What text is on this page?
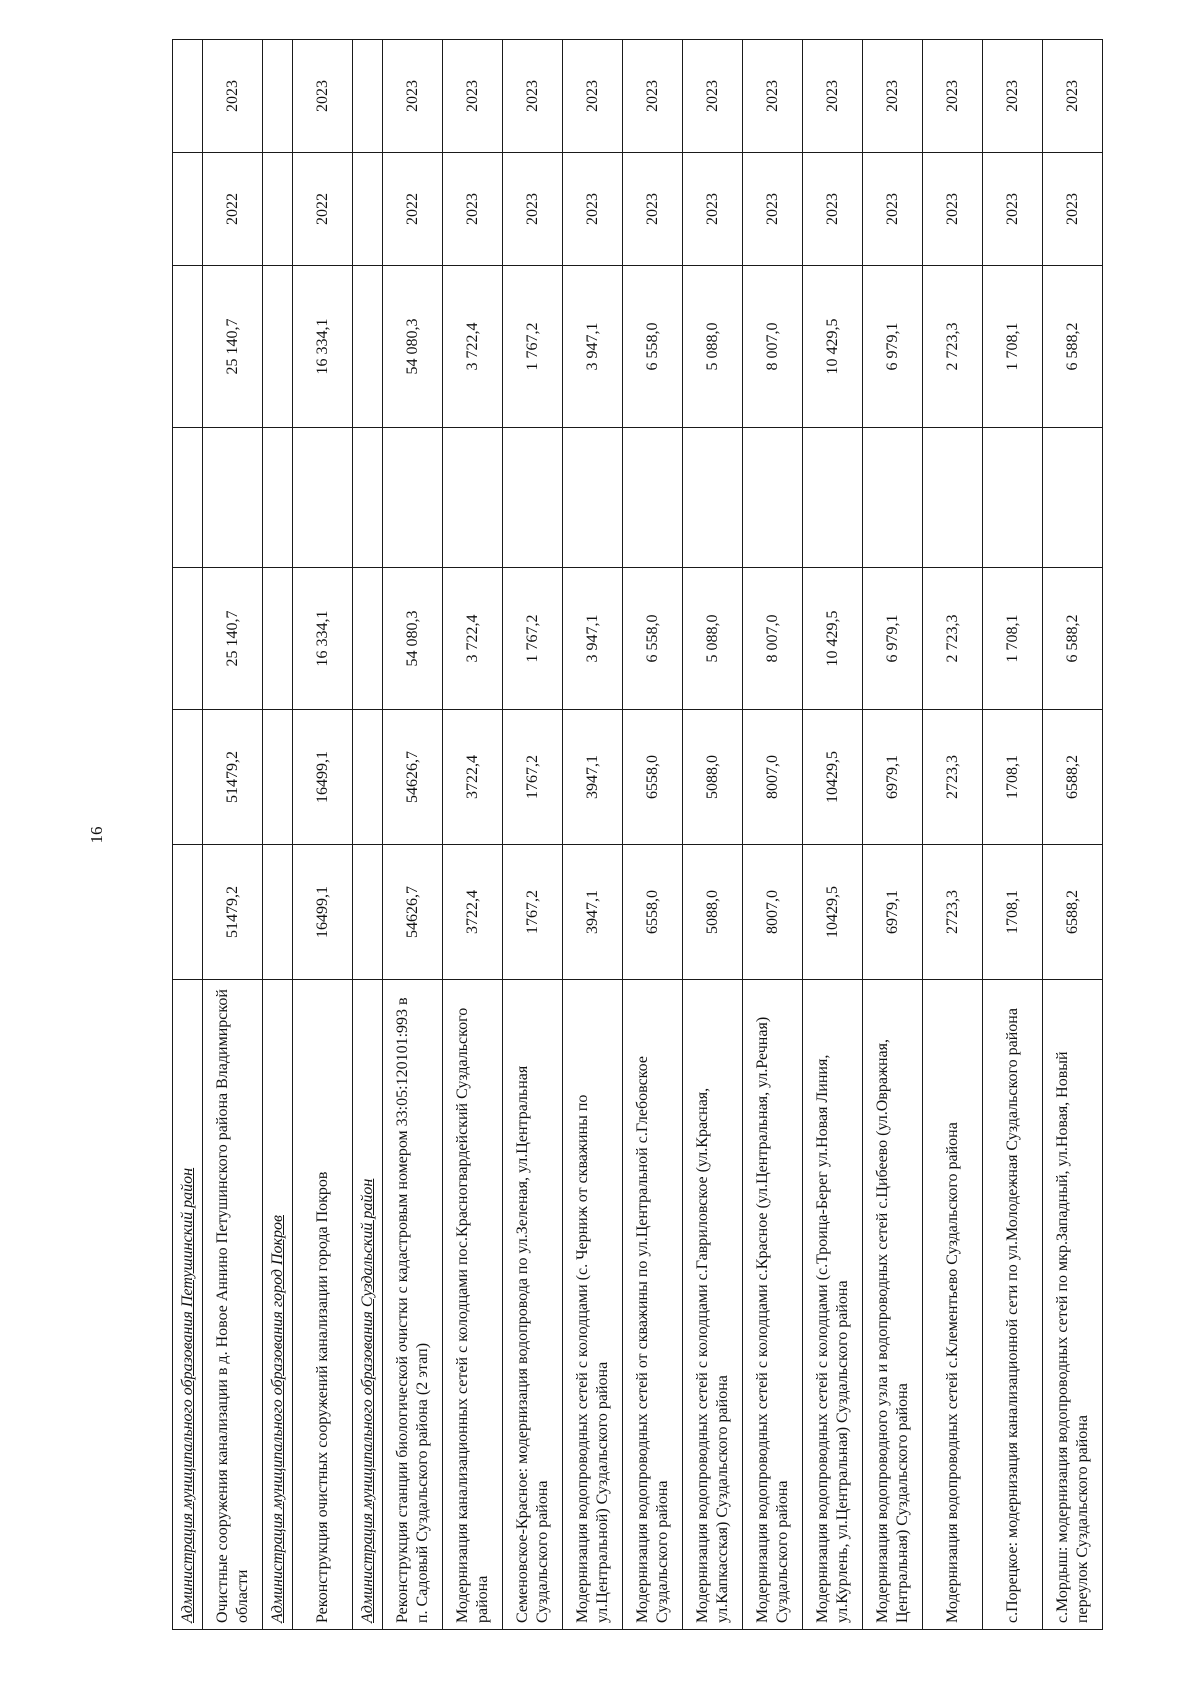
16
Администрация муниципального образования Петушинский район							
Очистные сооружения канализации в д. Новое Аннино Петушинского района Владимирской области	51479,2	51479,2	25 140,7		25 140,7	2022	2023
Администрация муниципального образования город Покров							
Реконструкция очистных сооружений канализации города Покров	16499,1	16499,1	16 334,1		16 334,1	2022	2023
Администрация муниципального образования Суздальский район							
Реконструкция станции биологической очистки с кадастровым номером 33:05:120101:993 в п. Садовый Суздальского района (2 этап)	54626,7	54626,7	54 080,3		54 080,3	2022	2023
Модернизация канализационных сетей с колодцами пос.Красногвардейский Суздальского района	3722,4	3722,4	3 722,4		3 722,4	2023	2023
Семеновское-Красное: модернизация водопровода по ул.Зеленая, ул.Центральная Суздальского района	1767,2	1767,2	1 767,2		1 767,2	2023	2023
Модернизация водопроводных сетей с колодцами (с. Черниж от скважины по ул.Центральной) Суздальского района	3947,1	3947,1	3 947,1		3 947,1	2023	2023
Модернизация водопроводных сетей от скважины по ул.Центральной с.Глебовское Суздальского района	6558,0	6558,0	6 558,0		6 558,0	2023	2023
Модернизация водопроводных сетей с колодцами с.Гавриловское (ул.Красная, ул.Капкасская) Суздальского района	5088,0	5088,0	5 088,0		5 088,0	2023	2023
Модернизация водопроводных сетей с колодцами с.Красное (ул.Центральная, ул.Речная) Суздальского района	8007,0	8007,0	8 007,0		8 007,0	2023	2023
Модернизация водопроводных сетей с колодцами (с.Троица-Берег ул.Новая Линия, ул.Курлень, ул.Центральная) Суздальского района	10429,5	10429,5	10 429,5		10 429,5	2023	2023
Модернизация водопроводного узла и водопроводных сетей с.Цибеево (ул.Овражная, Центральная) Суздальского района	6979,1	6979,1	6 979,1		6 979,1	2023	2023
Модернизация водопроводных сетей с.Клементьево Суздальского района	2723,3	2723,3	2 723,3		2 723,3	2023	2023
с.Порецкое: модернизация канализационной сети по ул.Молодежная Суздальского района	1708,1	1708,1	1 708,1		1 708,1	2023	2023
с.Мордыш: модернизация водопроводных сетей по мкр.Западный, ул.Новая, Новый переулок Суздальского района	6588,2	6588,2	6 588,2		6 588,2	2023	2023
